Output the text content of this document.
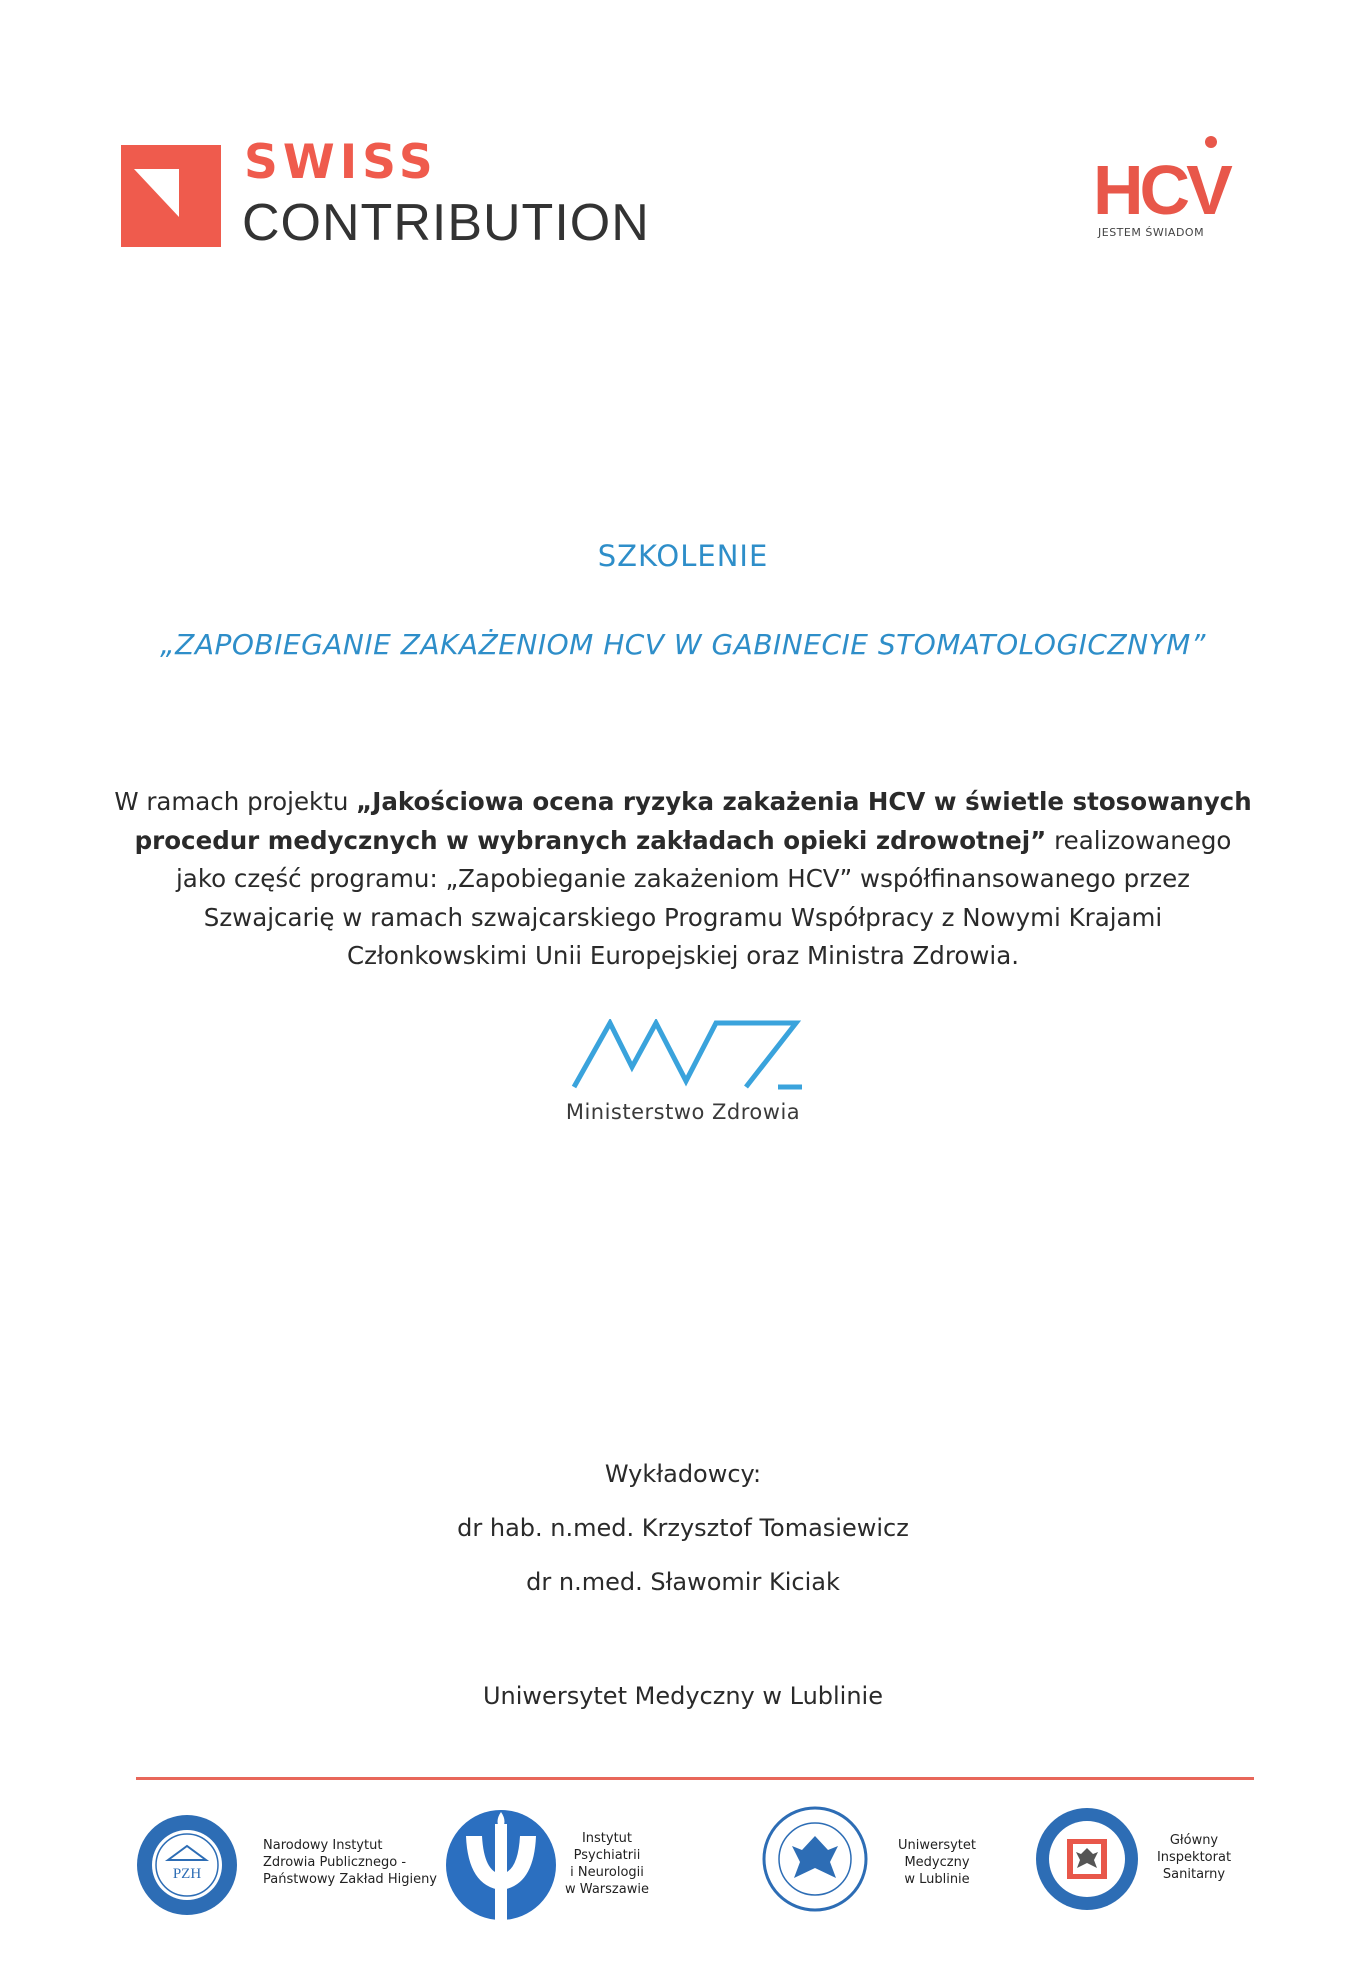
SWISS
CONTRIBUTION	HCV
JESTEM ŚWIADOM
SZKOLENIE
„ZAPOBIEGANIE ZAKAŻENIOM HCV W GABINECIE STOMATOLOGICZNYM”
W ramach projektu „Jakościowa ocena ryzyka zakażenia HCV w świetle stosowanych procedur medycznych w wybranych zakładach opieki zdrowotnej” realizowanego jako część programu: „Zapobieganie zakażeniom HCV” współfinansowanego przez Szwajcarię w ramach szwajcarskiego Programu Współpracy z Nowymi Krajami Członkowskimi Unii Europejskiej oraz Ministra Zdrowia.
Ministerstwo Zdrowia
Wykładowcy:
dr hab. n.med. Krzysztof Tomasiewicz
dr n.med. Sławomir Kiciak
Uniwersytet Medyczny w Lublinie
PZH
Narodowy Instytut
Zdrowia Publicznego -
Państwowy Zakład Higieny
Instytut
Psychiatrii
i Neurologii
w Warszawie
Uniwersytet
Medyczny
w Lublinie
Główny
Inspektorat
Sanitarny
